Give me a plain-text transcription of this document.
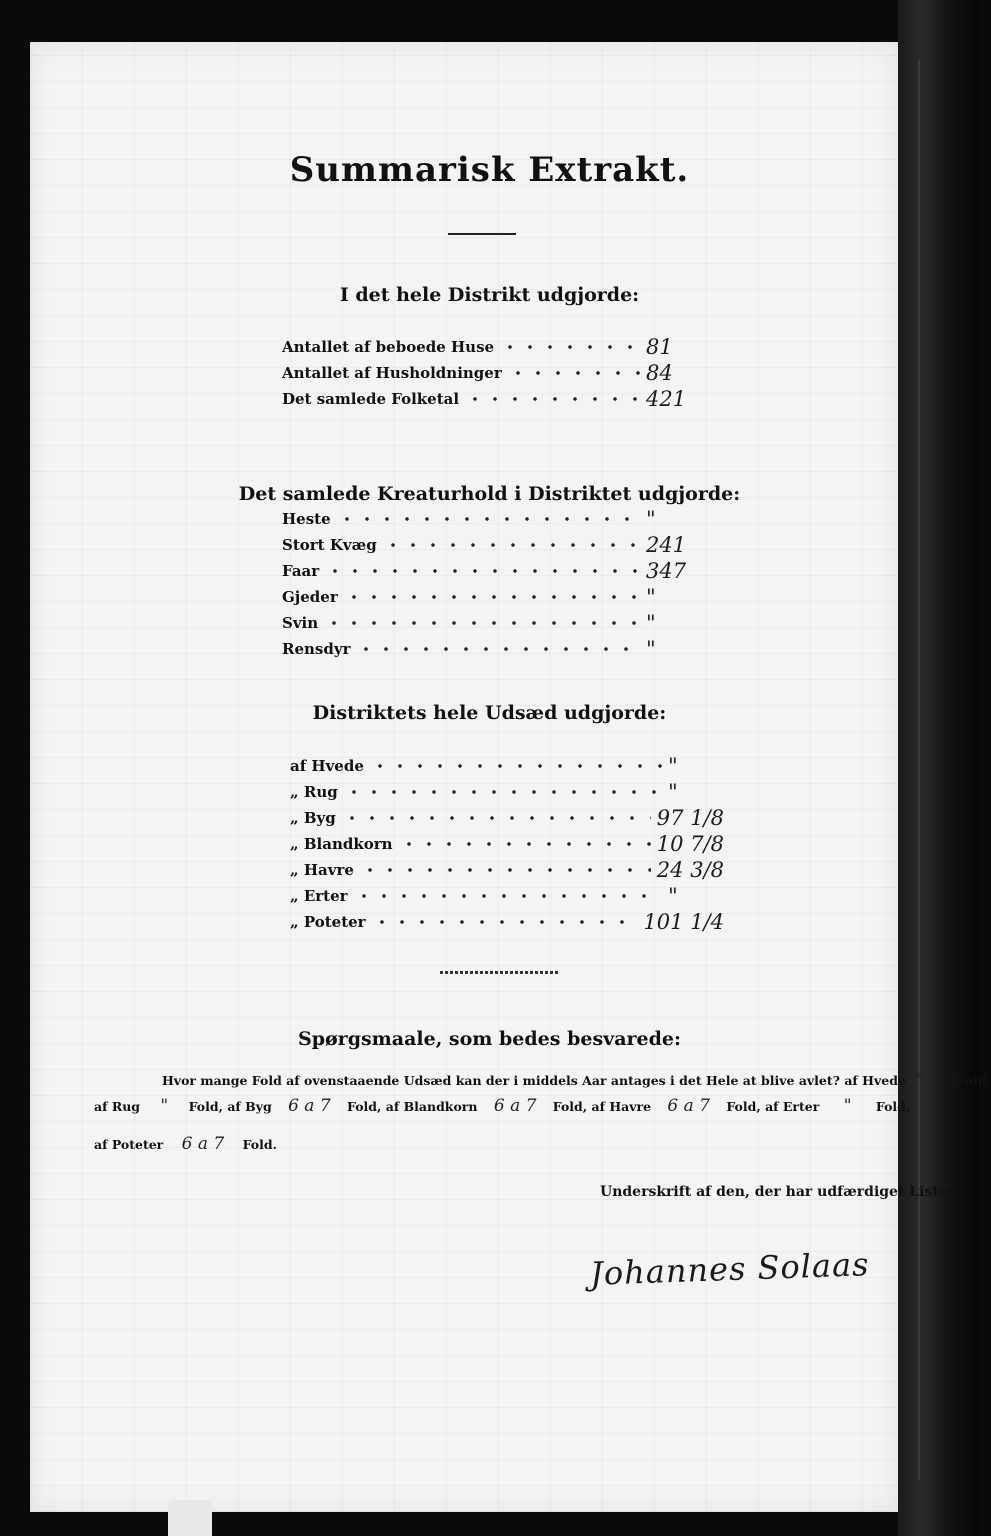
Summarisk Extrakt.
I det hele Distrikt udgjorde:
Antallet af beboede Huse	81
Antallet af Husholdninger	84
Det samlede Folketal	421
Det samlede Kreaturhold i Distriktet udgjorde:
Heste	"
Stort Kvæg	241
Faar	347
Gjeder	"
Svin	"
Rensdyr	"
Distriktets hele Udsæd udgjorde:
af Hvede	"
„ Rug	"
„ Byg	97 1/8
„ Blandkorn	10 7/8
„ Havre	24 3/8
„ Erter	"
„ Poteter	101 1/4
Spørgsmaale, som bedes besvarede:
Hvor mange Fold af ovenstaaende Udsæd kan der i middels Aar antages i det Hele at blive avlet? af Hvede "	Fold,
af Rug " Fold, af Byg 6 a 7 Fold, af Blandkorn 6 a 7 Fold, af Havre 6 a 7 Fold, af Erter " Fold,
af Poteter 6 a 7 Fold.
Underskrift af den, der har udfærdiget Listen:
Johannes Solaas
